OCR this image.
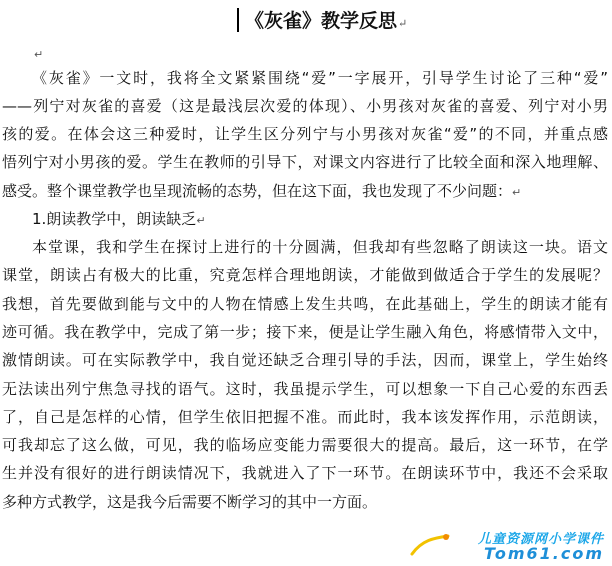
《灰雀》教学反思↵
↵
《灰雀》一文时，我将全文紧紧围绕“爱”一字展开，引导学生讨论了三种“爱”
——列宁对灰雀的喜爱（这是最浅层次爱的体现）、小男孩对灰雀的喜爱、列宁对小男
孩的爱。在体会这三种爱时，让学生区分列宁与小男孩对灰雀“爱”的不同，并重点感
悟列宁对小男孩的爱。学生在教师的引导下，对课文内容进行了比较全面和深入地理解、
感受。整个课堂教学也呈现流畅的态势，但在这下面，我也发现了不少问题：↵
1.朗读教学中，朗读缺乏↵
本堂课，我和学生在探讨上进行的十分圆满，但我却有些忽略了朗读这一块。语文
课堂，朗读占有极大的比重，究竟怎样合理地朗读，才能做到做适合于学生的发展呢？
我想，首先要做到能与文中的人物在情感上发生共鸣，在此基础上，学生的朗读才能有
迹可循。我在教学中，完成了第一步；接下来，便是让学生融入角色，将感情带入文中，
激情朗读。可在实际教学中，我自觉还缺乏合理引导的手法，因而，课堂上，学生始终
无法读出列宁焦急寻找的语气。这时，我虽提示学生，可以想象一下自己心爱的东西丢
了，自己是怎样的心情，但学生依旧把握不准。而此时，我本该发挥作用，示范朗读，
可我却忘了这么做，可见，我的临场应变能力需要很大的提高。最后，这一环节，在学
生并没有很好的进行朗读情况下，我就进入了下一环节。在朗读环节中，我还不会采取
多种方式教学，这是我今后需要不断学习的其中一方面。
儿童资源网小学课件
Tom61.com
